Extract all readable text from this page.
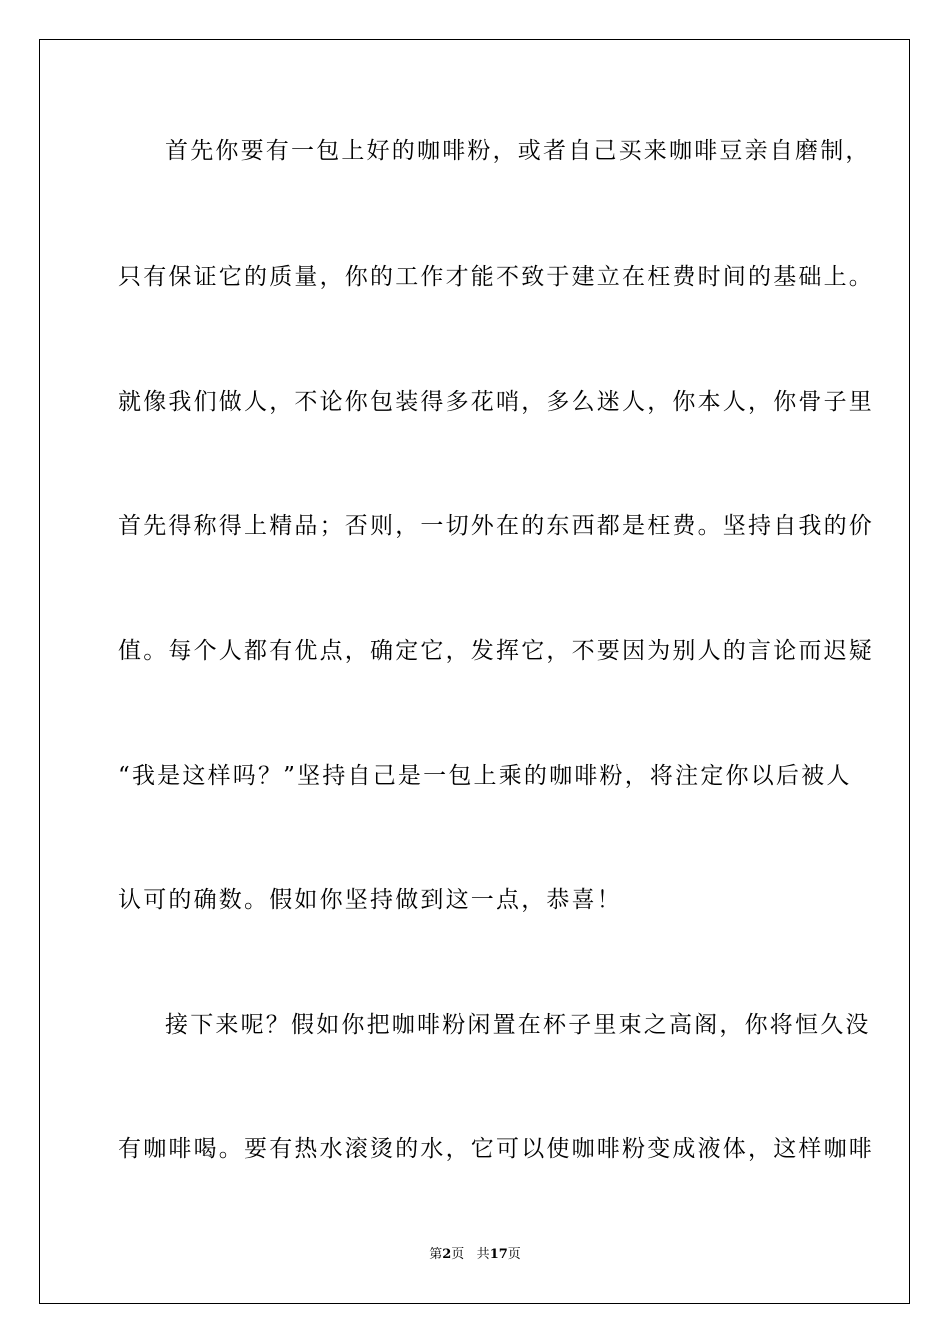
首先你要有一包上好的咖啡粉，或者自己买来咖啡豆亲自磨制，
只有保证它的质量，你的工作才能不致于建立在枉费时间的基础上。
就像我们做人，不论你包装得多花哨，多么迷人，你本人，你骨子里
首先得称得上精品；否则，一切外在的东西都是枉费。坚持自我的价
值。每个人都有优点，确定它，发挥它，不要因为别人的言论而迟疑
“我是这样吗？”坚持自己是一包上乘的咖啡粉，将注定你以后被人
认可的确数。假如你坚持做到这一点，恭喜！
接下来呢？假如你把咖啡粉闲置在杯子里束之高阁，你将恒久没
有咖啡喝。要有热水滚烫的水，它可以使咖啡粉变成液体，这样咖啡
第2页 共17页
